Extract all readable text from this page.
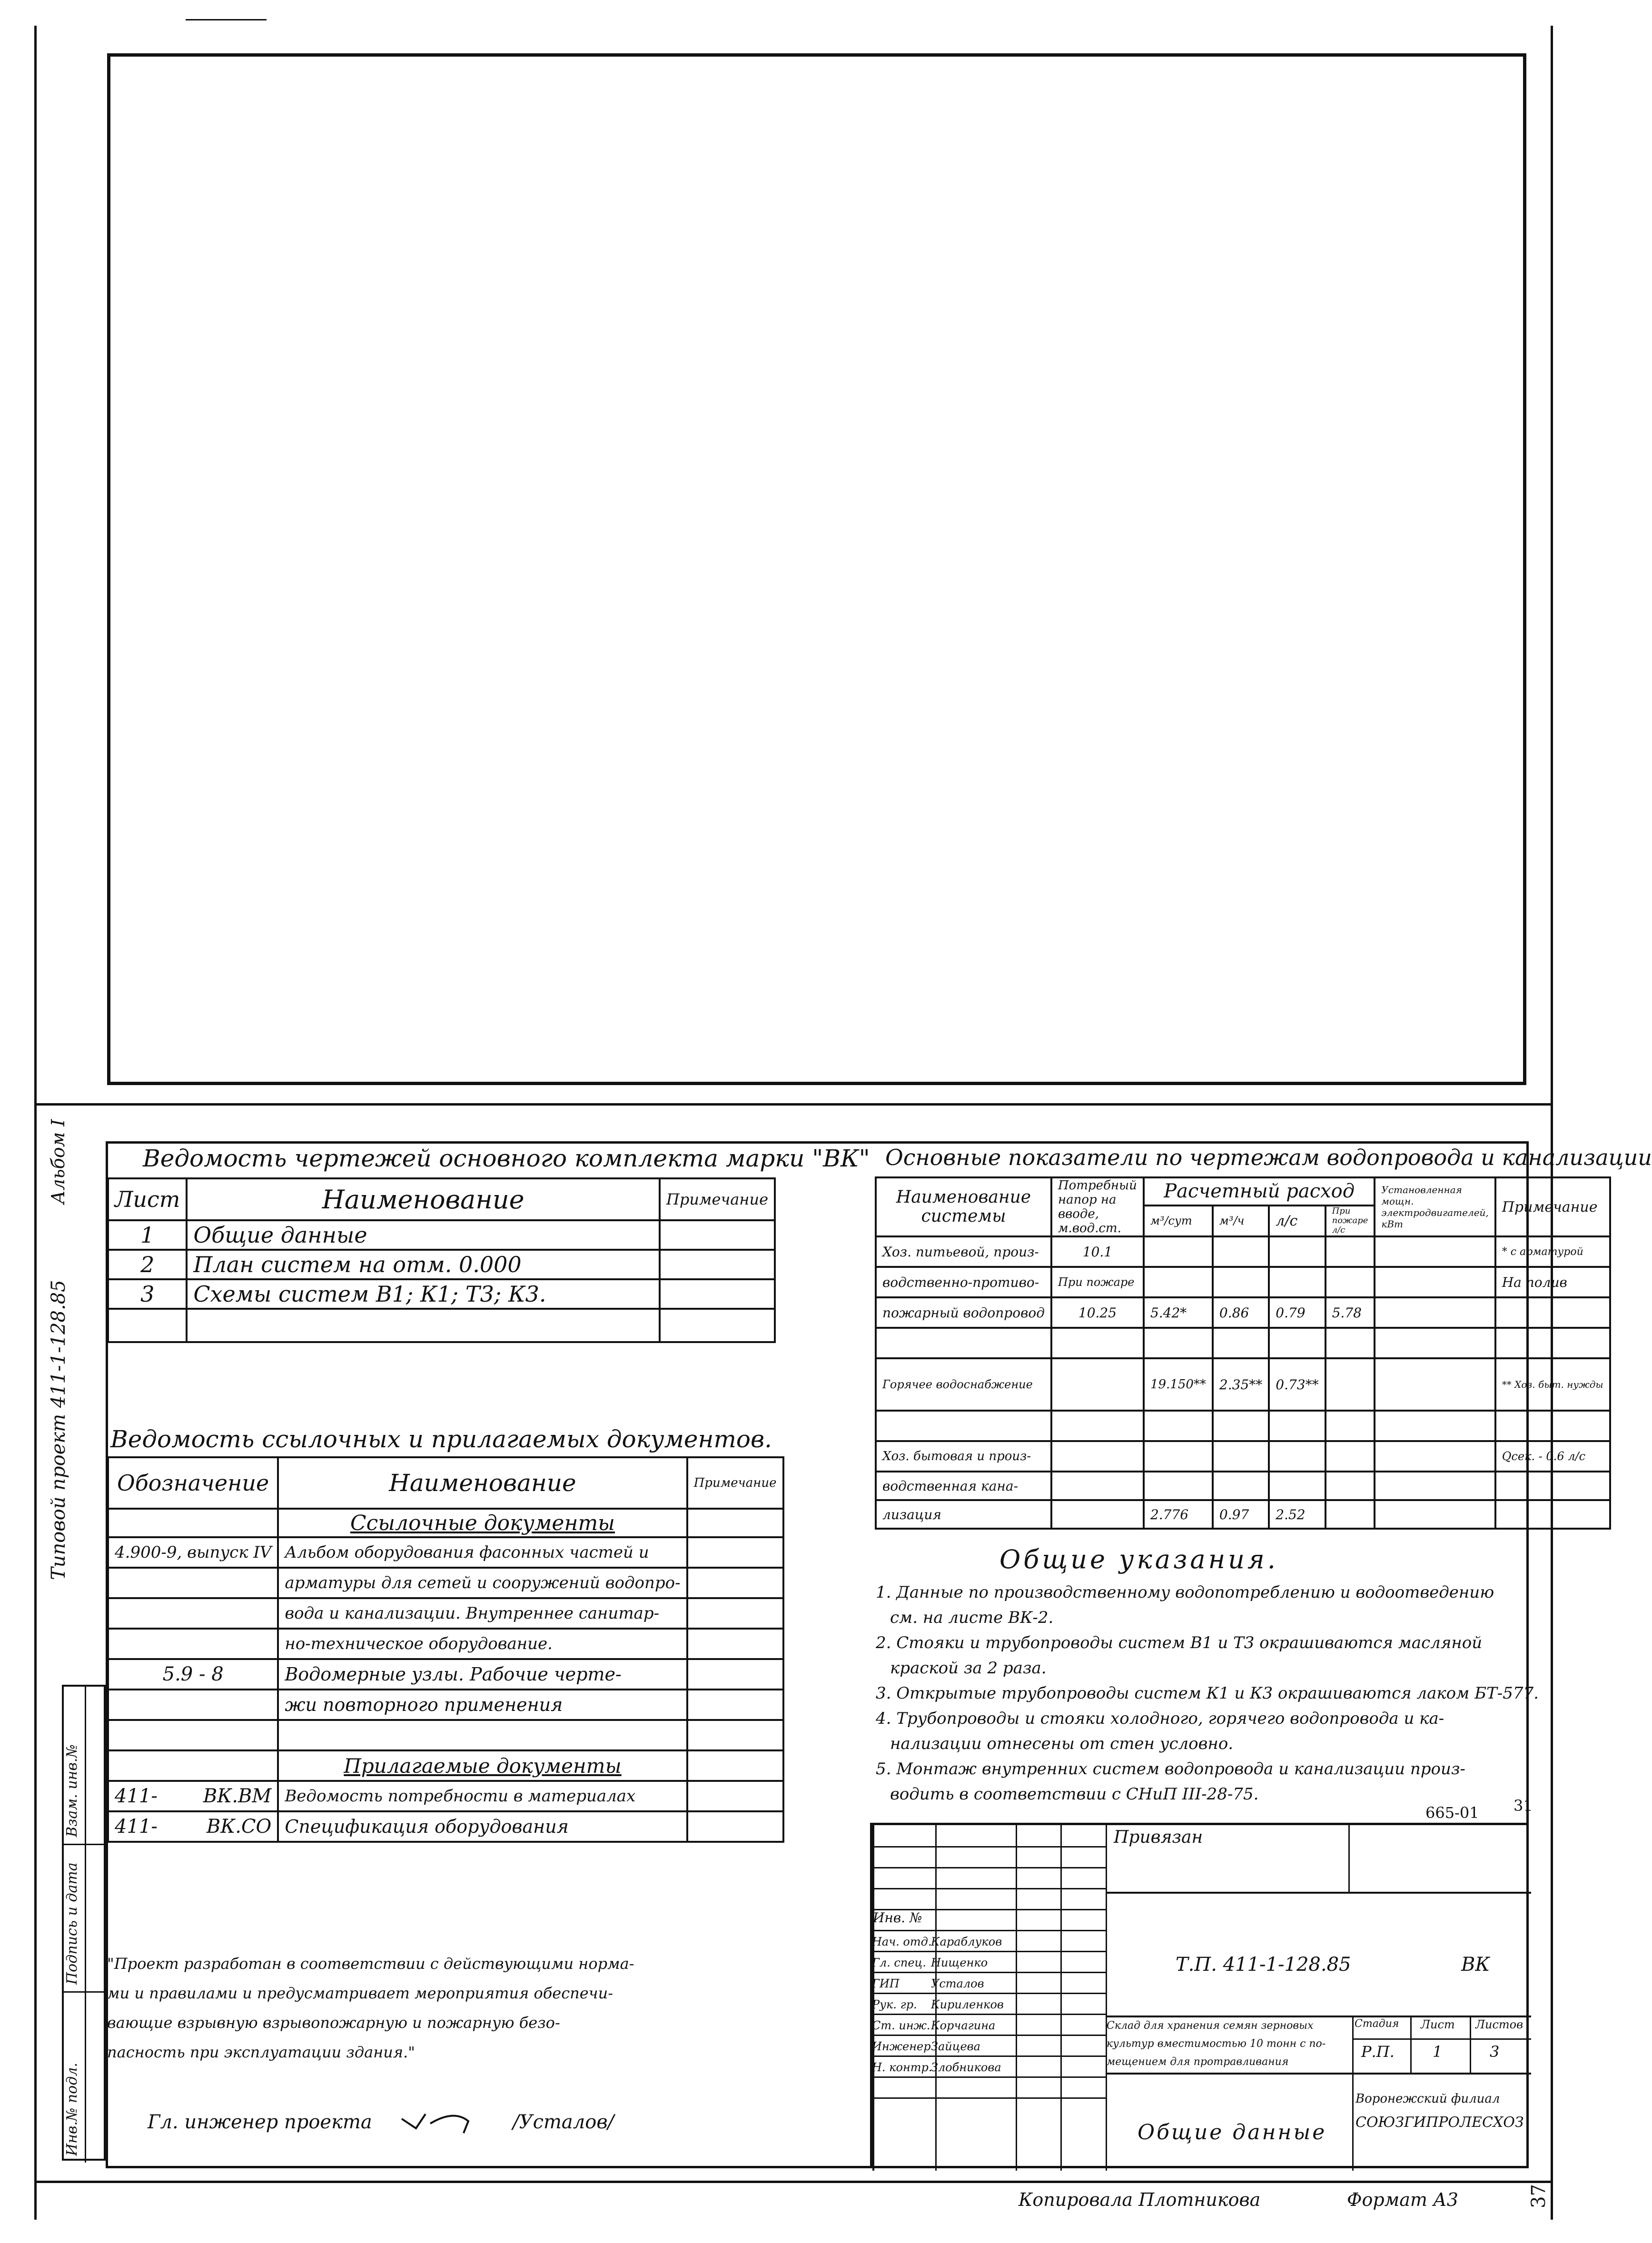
Альбом I
Типовой проект 411-1-128.85
Инв.№ подл.
Подпись и дата
Взам. инв.№
Ведомость чертежей основного комплекта марки "ВК"
Лист	Наименование	Примечание
1	Общие данные	
2	План систем на отм. 0.000	
3	Схемы систем В1; К1; Т3; К3.	

Ведомость ссылочных и прилагаемых документов.
Обозначение	Наименование	Примечание
	Ссылочные документы	
4.900-9, выпуск IV	Альбом оборудования фасонных частей и	
	арматуры для сетей и сооружений водопро-	
	вода и канализации. Внутреннее санитар-	
	но-техническое оборудование.	
5.9 - 8	Водомерные узлы. Рабочие черте-	
	жи повторного применения	

	Прилагаемые документы	
411- ВК.ВМ	Ведомость потребности в материалах	
411- ВК.СО	Спецификация оборудования	
"Проект разработан в соответствии с действующими норма-
ми и правилами и предусматривает мероприятия обеспечи-
вающие взрывную взрывопожарную и пожарную безо-
пасность при эксплуатации здания."
Гл. инженер проекта	/Усталов/
Основные показатели по чертежам водопровода и канализации
Наименование системы	Потребный напор на вводе, м.вод.ст.	Расчетный расход				Установленная мощн. электродвигателей, кВт	Примечание
		м³/сут	м³/ч	л/с	При пожаре л/с		
Хоз. питьевой, произ-	10.1						* с арматурой
водственно-противо-	При пожаре						На полив
пожарный водопровод	10.25	5.42*	0.86	0.79	5.78		

Горячее водоснабжение		19.150**	2.35**	0.73**			** Хоз. быт. нужды

Хоз. бытовая и произ-							Qсек. - 0.6 л/с
водственная кана-							
лизация		2.776	0.97	2.52			
Общие указания.
1. Данные по производственному водопотреблению и водоотведению
см. на листе ВК-2.
2. Стояки и трубопроводы систем В1 и Т3 окрашиваются масляной
краской за 2 раза.
3. Открытые трубопроводы систем К1 и К3 окрашиваются лаком БТ-577.
4. Трубопроводы и стояки холодного, горячего водопровода и ка-
нализации отнесены от стен условно.
5. Монтаж внутренних систем водопровода и канализации произ-
водить в соответствии с СНиП III-28-75.
665-01 31
Привязан
Инв. №
Нач. отд.Караблуков
Гл. спец. Нищенко
ГИП	Усталов
Рук. гр. Кириленков
Ст. инж.Корчагина
ИнженерЗайцева
Н. контр.Злобникова
Т.П. 411-1-128.85	ВК
Склад для хранения семян зерновых
культур вместимостью 10 тонн с по-
мещением для протравливания
Стадия Лист Листов
Р.П.	1	3
Общие данные
Воронежский филиал
СОЮЗГИПРОЛЕСХОЗ
Копировала Плотникова	Формат А3	37
